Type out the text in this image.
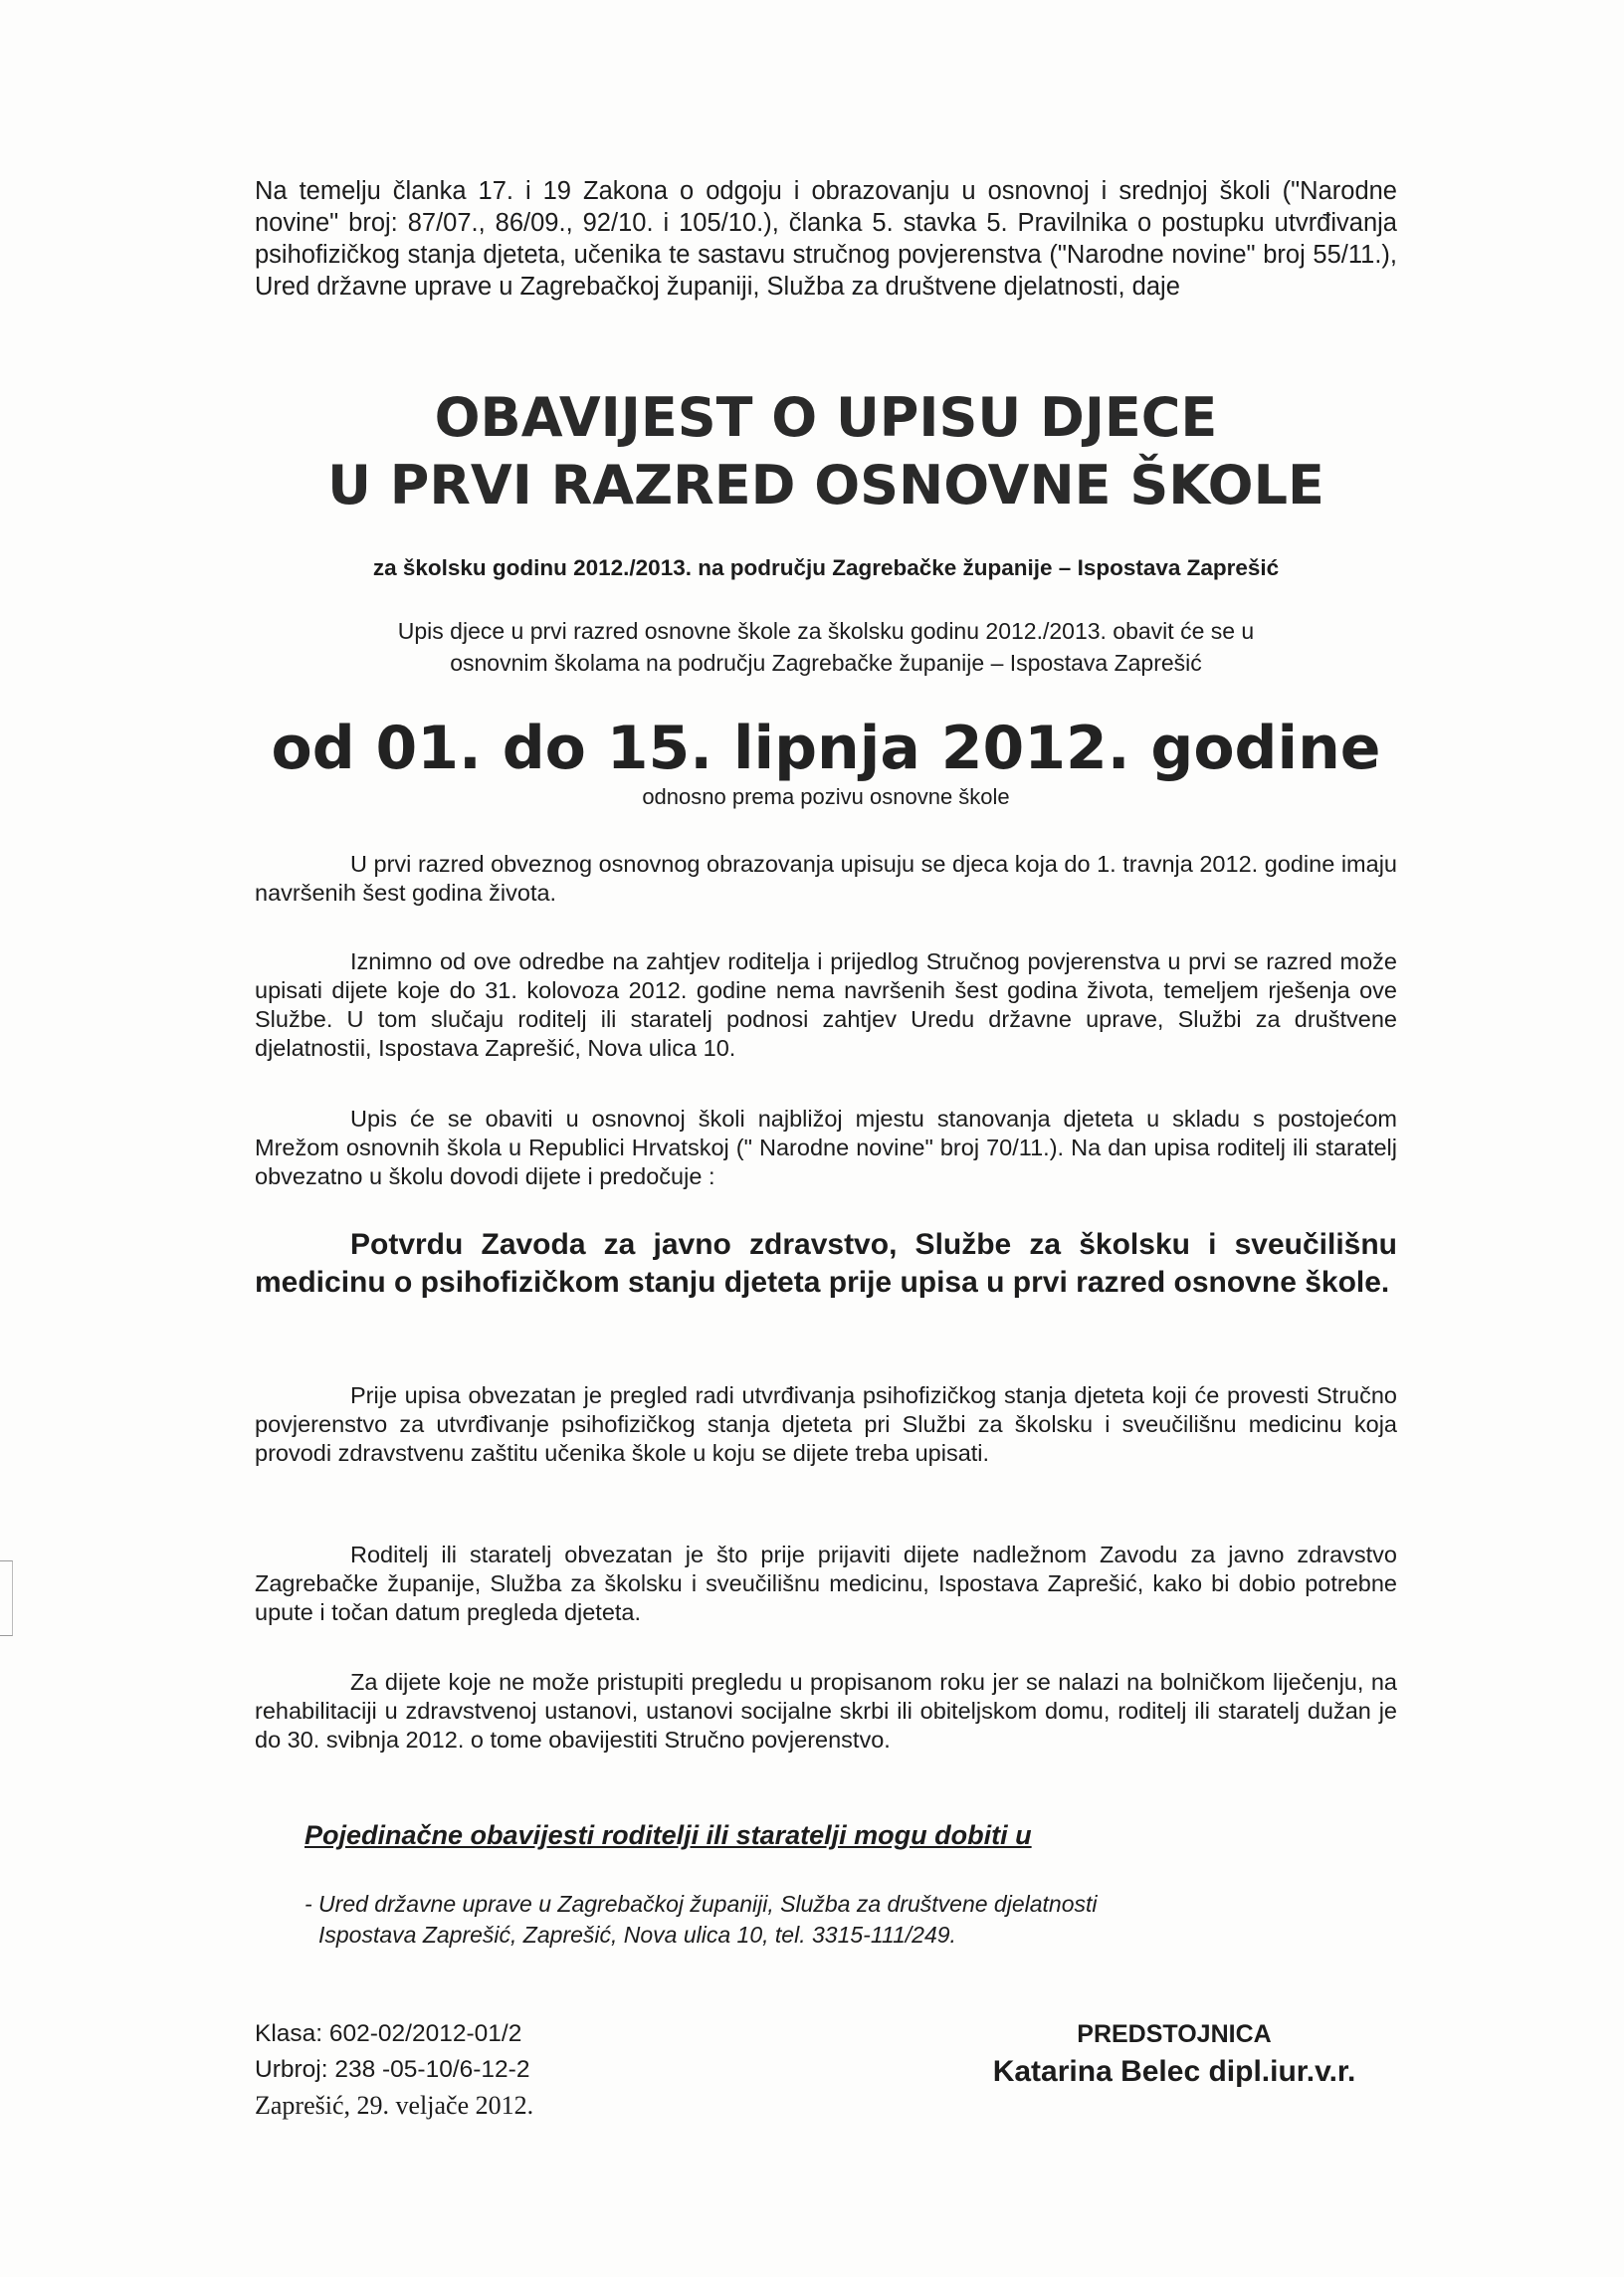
Na temelju članka 17. i 19 Zakona o odgoju i obrazovanju u osnovnoj i srednjoj školi ("Narodne novine" broj: 87/07., 86/09., 92/10. i 105/10.), članka 5. stavka 5. Pravilnika o postupku utvrđivanja psihofizičkog stanja djeteta, učenika te sastavu stručnog povjerenstva ("Narodne novine" broj 55/11.), Ured državne uprave u Zagrebačkoj županiji, Služba za društvene djelatnosti, daje

OBAVIJEST O UPISU DJECE
U PRVI RAZRED OSNOVNE ŠKOLE
za školsku godinu 2012./2013. na području Zagrebačke županije – Ispostava Zaprešić
Upis djece u prvi razred osnovne škole za školsku godinu 2012./2013. obavit će se u
osnovnim školama na području Zagrebačke županije – Ispostava Zaprešić
od 01. do 15. lipnja 2012. godine
odnosno prema pozivu osnovne škole

U prvi razred obveznog osnovnog obrazovanja upisuju se djeca koja do 1. travnja 2012. godine imaju navršenih šest godina života.

Iznimno od ove odredbe na zahtjev roditelja i prijedlog Stručnog povjerenstva u prvi se razred može upisati dijete koje do 31. kolovoza 2012. godine nema navršenih šest godina života, temeljem rješenja ove Službe. U tom slučaju roditelj ili staratelj podnosi zahtjev Uredu državne uprave, Službi za društvene djelatnostii, Ispostava Zaprešić, Nova ulica 10.

Upis će se obaviti u osnovnoj školi najbližoj mjestu stanovanja djeteta u skladu s postojećom Mrežom osnovnih škola u Republici Hrvatskoj (" Narodne novine" broj 70/11.). Na dan upisa roditelj ili staratelj obvezatno u školu dovodi dijete i predočuje :

Potvrdu Zavoda za javno zdravstvo, Službe za školsku i sveučilišnu medicinu o psihofizičkom stanju djeteta prije upisa u prvi razred osnovne škole.

Prije upisa obvezatan je pregled radi utvrđivanja psihofizičkog stanja djeteta koji će provesti Stručno povjerenstvo za utvrđivanje psihofizičkog stanja djeteta pri Službi za školsku i sveučilišnu medicinu koja provodi zdravstvenu zaštitu učenika škole u koju se dijete treba upisati.

Roditelj ili staratelj obvezatan je što prije prijaviti dijete nadležnom Zavodu za javno zdravstvo Zagrebačke županije, Služba za školsku i sveučilišnu medicinu, Ispostava Zaprešić, kako bi dobio potrebne upute i točan datum pregleda djeteta.

Za dijete koje ne može pristupiti pregledu u propisanom roku jer se nalazi na bolničkom liječenju, na rehabilitaciji u zdravstvenoj ustanovi, ustanovi socijalne skrbi ili obiteljskom domu, roditelj ili staratelj dužan je do 30. svibnja 2012. o tome obavijestiti Stručno povjerenstvo.

Pojedinačne obavijesti roditelji ili staratelji mogu dobiti u
- Ured državne uprave u Zagrebačkoj županiji, Služba za društvene djelatnosti
Ispostava Zaprešić, Zaprešić, Nova ulica 10, tel. 3315-111/249.
Klasa: 602-02/2012-01/2
Urbroj: 238 -05-10/6-12-2
Zaprešić, 29. veljače 2012.
PREDSTOJNICA
Katarina Belec dipl.iur.v.r.
